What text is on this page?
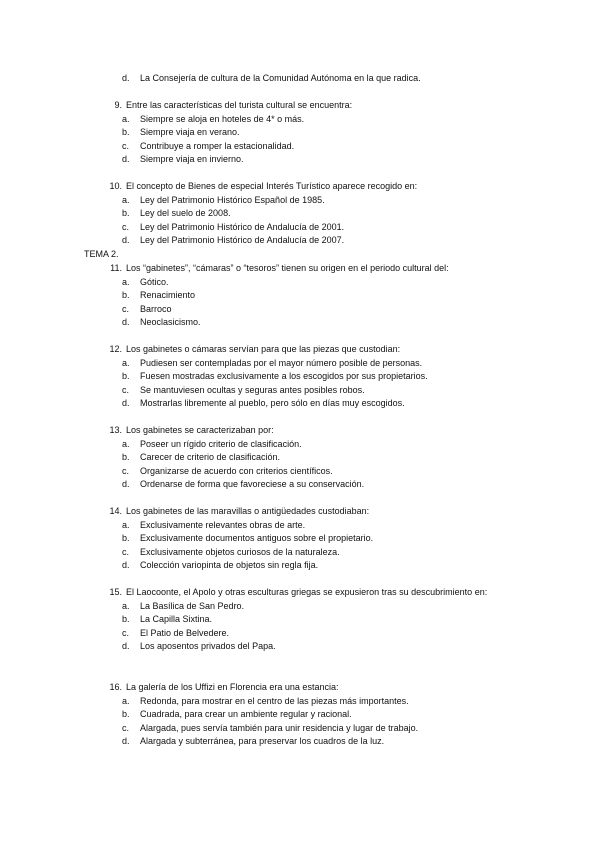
d.	La Consejería de cultura de la Comunidad Autónoma en la que radica.
9. Entre las características del turista cultural se encuentra:
a.	Siempre se aloja en hoteles de 4* o más.
b.	Siempre viaja en verano.
c.	Contribuye a romper la estacionalidad.
d.	Siempre viaja en invierno.
10. El concepto de Bienes de especial Interés Turístico aparece recogido en:
a.	Ley del Patrimonio Histórico Español de 1985.
b.	Ley del suelo de 2008.
c.	Ley del Patrimonio Histórico de Andalucía de 2001.
d.	Ley del Patrimonio Histórico de Andalucía de 2007.
TEMA 2.
11. Los “gabinetes”, “cámaras” o “tesoros” tienen su origen en el periodo cultural del:
a.	Gótico.
b.	Renacimiento
c.	Barroco
d.	Neoclasicismo.
12. Los gabinetes o cámaras servían para que las piezas que custodian:
a.	Pudiesen ser contempladas por el mayor número posible de personas.
b.	Fuesen mostradas exclusivamente a los escogidos por sus propietarios.
c.	Se mantuviesen ocultas y seguras antes posibles robos.
d.	Mostrarlas libremente al pueblo, pero sólo en días muy escogidos.
13. Los gabinetes se caracterizaban por:
a.	Poseer un rígido criterio de clasificación.
b.	Carecer de criterio de clasificación.
c.	Organizarse de acuerdo con criterios científicos.
d.	Ordenarse de forma que favoreciese a su conservación.
14. Los gabinetes de las maravillas o antigüedades custodiaban:
a.	Exclusivamente relevantes obras de arte.
b.	Exclusivamente documentos antiguos sobre el propietario.
c.	Exclusivamente objetos curiosos de la naturaleza.
d.	Colección variopinta de objetos sin regla fija.
15. El Laocoonte, el Apolo y otras esculturas griegas se expusieron tras su descubrimiento en:
a.	La Basílica de San Pedro.
b.	La Capilla Sixtina.
c.	El Patio de Belvedere.
d.	Los aposentos privados del Papa.
16. La galería de los Uffizi en Florencia era una estancia:
a.	Redonda, para mostrar en el centro de las piezas más importantes.
b.	Cuadrada, para crear un ambiente regular y racional.
c.	Alargada, pues servía también para unir residencia y lugar de trabajo.
d.	Alargada y subterránea, para preservar los cuadros de la luz.
